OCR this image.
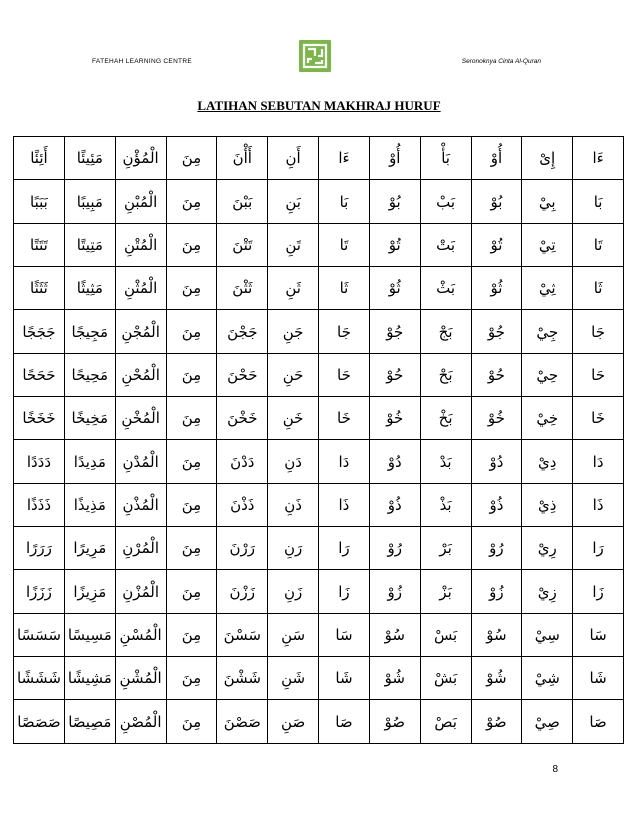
FATEHAH LEARNING CENTRE	Seronoknya Cinta Al-Quran
LATIHAN SEBUTAN MAKHRAJ HURUF
ءَا	إِىْ	أُوْ	بَأْ	أُوْ	ءَا	أَنِ	أَأْنَ	مِنَ	الْمُؤْنِ	مَئِيئًا	أَئِئًا
بَا	بِيْ	بُوْ	بَبْ	بُوْ	بَا	بَنِ	بَبْنَ	مِنَ	الْمُبْنِ	مَبِيبًا	بَبَبًا
تَا	تِيْ	تُوْ	بَتْ	تُوْ	تَا	تَنِ	تَتْنَ	مِنَ	الْمُتْنِ	مَتِيتًا	تَتَتًا
ثَا	ثِيْ	ثُوْ	بَثْ	ثُوْ	ثَا	ثَنِ	ثَثْنَ	مِنَ	الْمُثْنِ	مَثِيثًا	ثَثَثًا
جَا	جِيْ	جُوْ	بَجْ	جُوْ	جَا	جَنِ	جَجْنَ	مِنَ	الْمُجْنِ	مَجِيجًا	جَجَجًا
حَا	حِيْ	حُوْ	بَحْ	حُوْ	حَا	حَنِ	حَحْنَ	مِنَ	الْمُحْنِ	مَحِيحًا	حَحَحًا
خَا	خِيْ	خُوْ	بَخْ	خُوْ	خَا	خَنِ	خَخْنَ	مِنَ	الْمُخْنِ	مَخِيخًا	خَخَخًا
دَا	دِيْ	دُوْ	بَدْ	دُوْ	دَا	دَنِ	دَدْنَ	مِنَ	الْمُدْنِ	مَدِيدًا	دَدَدًا
ذَا	ذِيْ	ذُوْ	بَذْ	ذُوْ	ذَا	ذَنِ	ذَذْنَ	مِنَ	الْمُذْنِ	مَذِيذًا	ذَذَذًا
رَا	رِيْ	رُوْ	بَرْ	رُوْ	رَا	رَنِ	رَرْنَ	مِنَ	الْمُرْنِ	مَرِيرًا	رَرَرًا
زَا	زِيْ	زُوْ	بَزْ	زُوْ	زَا	زَنِ	زَزْنَ	مِنَ	الْمُزْنِ	مَزِيزًا	زَزَزًا
سَا	سِيْ	سُوْ	بَسْ	سُوْ	سَا	سَنِ	سَسْنَ	مِنَ	الْمُسْنِ	مَسِيسًا	سَسَسًا
شَا	شِيْ	شُوْ	بَشْ	شُوْ	شَا	شَنِ	شَشْنَ	مِنَ	الْمُشْنِ	مَشِيشًا	شَشَشًا
صَا	صِيْ	صُوْ	بَصْ	صُوْ	صَا	صَنِ	صَصْنَ	مِنَ	الْمُصْنِ	مَصِيصًا	صَصَصًا
8
